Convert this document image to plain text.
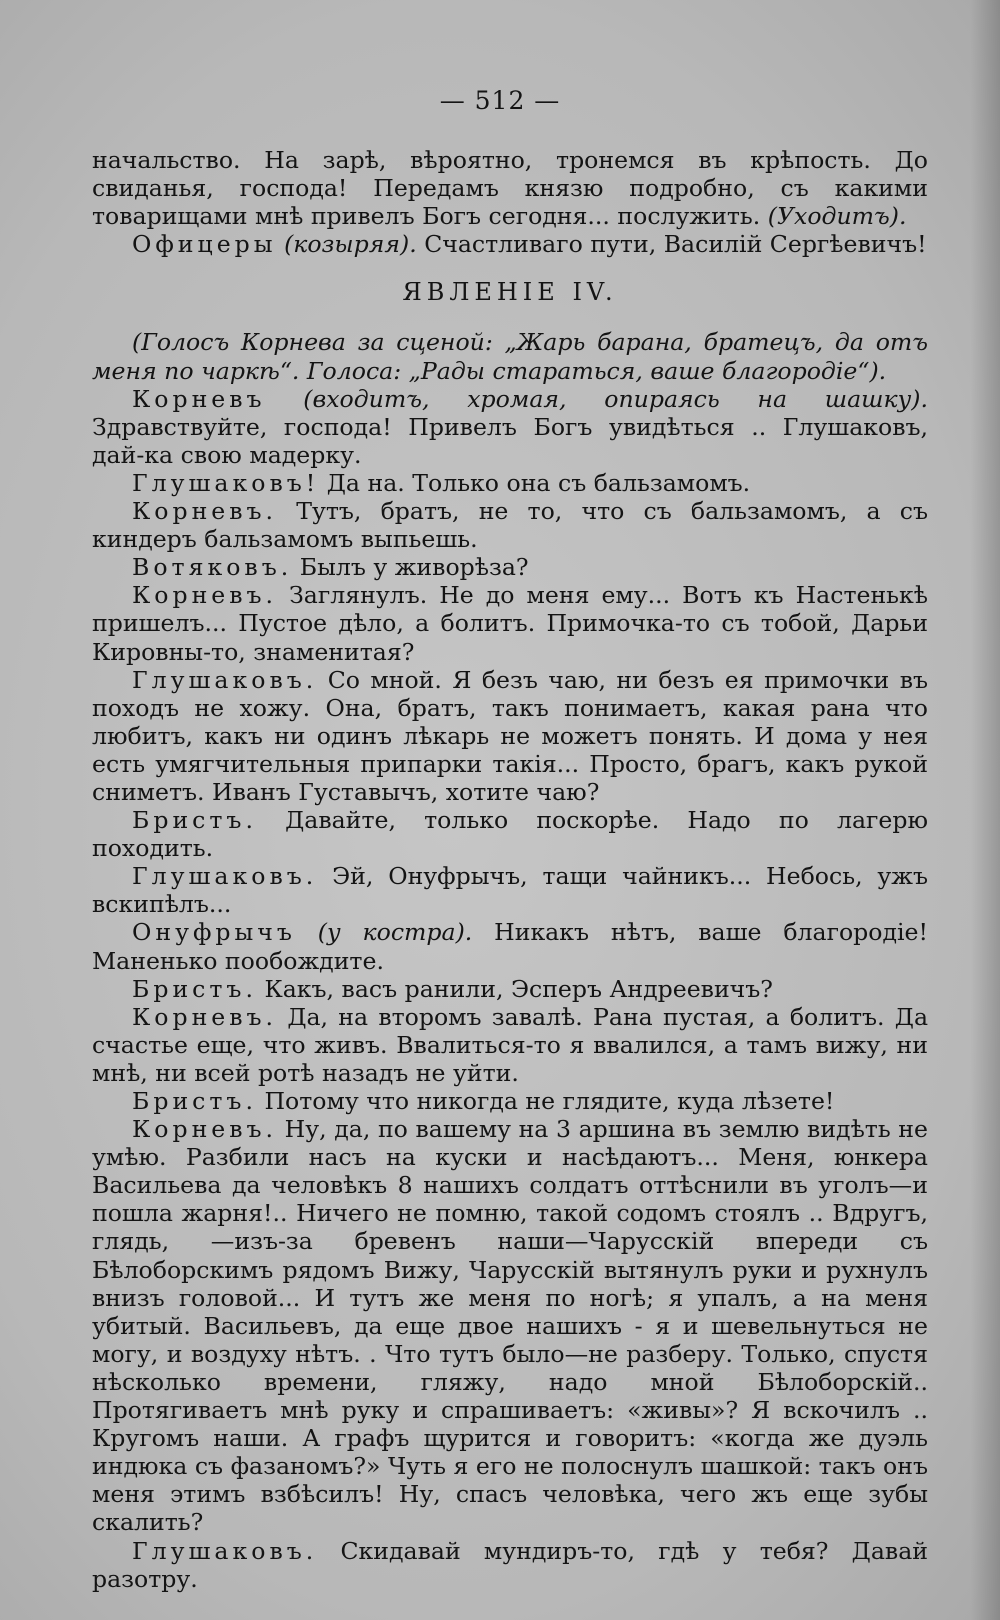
— 512 —

начальство. На зарѣ, вѣроятно, тронемся въ крѣпость. До свиданья, господа! Передамъ князю подробно, съ какими товарищами мнѣ привелъ Богъ сегодня... послужить. (Уходитъ).

Офицеры (козыряя). Счастливаго пути, Василій Сергѣевичъ!

ЯВЛЕНІЕ IV.

(Голосъ Корнева за сценой: „Жарь барана, братецъ, да отъ меня по чаркѣ“. Голоса: „Рады стараться, ваше благородіе“).

Корневъ (входитъ, хромая, опираясь на шашку). Здравствуйте, господа! Привелъ Богъ увидѣться .. Глушаковъ, дай-ка свою мадерку.

Глушаковъ! Да на. Только она съ бальзамомъ.

Корневъ. Тутъ, братъ, не то, что съ бальзамомъ, а съ киндеръ бальзамомъ выпьешь.

Вотяковъ. Былъ у живорѣза?

Корневъ. Заглянулъ. Не до меня ему... Вотъ къ Настенькѣ пришелъ... Пустое дѣло, а болитъ. Примочка-то съ тобой, Дарьи Кировны-то, знаменитая?

Глушаковъ. Со мной. Я безъ чаю, ни безъ ея примочки въ походъ не хожу. Она, братъ, такъ понимаетъ, какая рана что любитъ, какъ ни одинъ лѣкарь не можетъ понять. И дома у нея есть умягчительныя припарки такія... Просто, брагъ, какъ рукой сниметъ. Иванъ Густавычъ, хотите чаю?

Бристъ. Давайте, только поскорѣе. Надо по лагерю походить.

Глушаковъ. Эй, Онуфрычъ, тащи чайникъ... Небось, ужъ вскипѣлъ...

Онуфрычъ (у костра). Никакъ нѣтъ, ваше благородіе! Маненько пообождите.

Бристъ. Какъ, васъ ранили, Эсперъ Андреевичъ?

Корневъ. Да, на второмъ завалѣ. Рана пустая, а болитъ. Да счастье еще, что живъ. Ввалиться-то я ввалился, а тамъ вижу, ни мнѣ, ни всей ротѣ назадъ не уйти.

Бристъ. Потому что никогда не глядите, куда лѣзете!

Корневъ. Ну, да, по вашему на 3 аршина въ землю видѣть не умѣю. Разбили насъ на куски и насѣдаютъ... Меня, юнкера Васильева да человѣкъ 8 нашихъ солдатъ оттѣснили въ уголъ—и пошла жарня!.. Ничего не помню, такой содомъ стоялъ .. Вдругъ, глядь, —изъ-за бревенъ наши—Чарусскій впереди съ Бѣлоборскимъ рядомъ Вижу, Чарусскій вытянулъ руки и рухнулъ внизъ головой... И тутъ же меня по ногѣ; я упалъ, а на меня убитый. Васильевъ, да еще двое нашихъ - я и шевельнуться не могу, и воздуху нѣтъ. . Что тутъ было—не разберу. Только, спустя нѣсколько времени, гляжу, надо мной Бѣлоборскій.. Протягиваетъ мнѣ руку и спрашиваетъ: «живы»? Я вскочилъ .. Кругомъ наши. А графъ щурится и говоритъ: «когда же дуэль индюка съ фазаномъ?» Чуть я его не полоснулъ шашкой: такъ онъ меня этимъ взбѣсилъ! Ну, спасъ человѣка, чего жъ еще зубы скалить?

Глушаковъ. Скидавай мундиръ-то, гдѣ у тебя? Давай разотру.
